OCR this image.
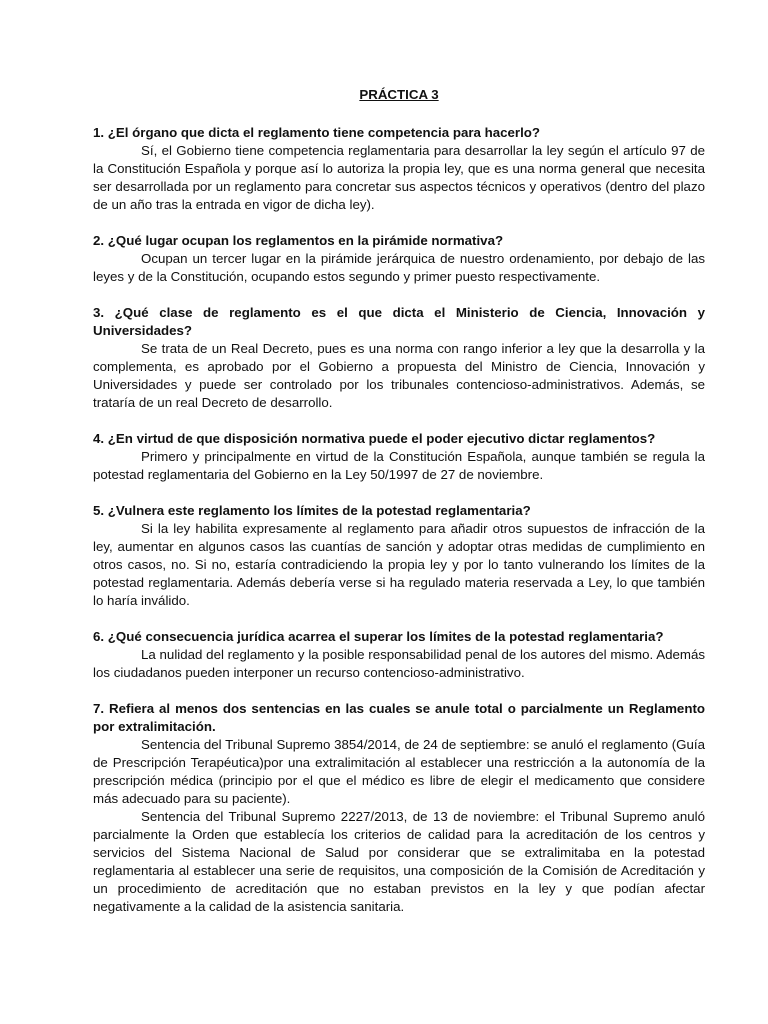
PRÁCTICA 3

1. ¿El órgano que dicta el reglamento tiene competencia para hacerlo?

Sí, el Gobierno tiene competencia reglamentaria para desarrollar la ley según el artículo 97 de la Constitución Española y porque así lo autoriza la propia ley, que es una norma general que necesita ser desarrollada por un reglamento para concretar sus aspectos técnicos y operativos (dentro del plazo de un año tras la entrada en vigor de dicha ley).

2. ¿Qué lugar ocupan los reglamentos en la pirámide normativa?

Ocupan un tercer lugar en la pirámide jerárquica de nuestro ordenamiento, por debajo de las leyes y de la Constitución, ocupando estos segundo y primer puesto respectivamente.

3. ¿Qué clase de reglamento es el que dicta el Ministerio de Ciencia, Innovación y Universidades?

Se trata de un Real Decreto, pues es una norma con rango inferior a ley que la desarrolla y la complementa, es aprobado por el Gobierno a propuesta del Ministro de Ciencia, Innovación y Universidades y puede ser controlado por los tribunales contencioso-administrativos. Además, se trataría de un real Decreto de desarrollo.

4. ¿En virtud de que disposición normativa puede el poder ejecutivo dictar reglamentos?

Primero y principalmente en virtud de la Constitución Española, aunque también se regula la potestad reglamentaria del Gobierno en la Ley 50/1997 de 27 de noviembre.

5. ¿Vulnera este reglamento los límites de la potestad reglamentaria?

Si la ley habilita expresamente al reglamento para añadir otros supuestos de infracción de la ley, aumentar en algunos casos las cuantías de sanción y adoptar otras medidas de cumplimiento en otros casos, no. Si no, estaría contradiciendo la propia ley y por lo tanto vulnerando los límites de la potestad reglamentaria. Además debería verse si ha regulado materia reservada a Ley, lo que también lo haría inválido.

6. ¿Qué consecuencia jurídica acarrea el superar los límites de la potestad reglamentaria?

La nulidad del reglamento y la posible responsabilidad penal de los autores del mismo. Además los ciudadanos pueden interponer un recurso contencioso-administrativo.

7. Refiera al menos dos sentencias en las cuales se anule total o parcialmente un Reglamento por extralimitación.

Sentencia del Tribunal Supremo 3854/2014, de 24 de septiembre: se anuló el reglamento (Guía de Prescripción Terapéutica)por una extralimitación al establecer una restricción a la autonomía de la prescripción médica (principio por el que el médico es libre de elegir el medicamento que considere más adecuado para su paciente).

Sentencia del Tribunal Supremo 2227/2013, de 13 de noviembre: el Tribunal Supremo anuló parcialmente la Orden que establecía los criterios de calidad para la acreditación de los centros y servicios del Sistema Nacional de Salud por considerar que se extralimitaba en la potestad reglamentaria al establecer una serie de requisitos, una composición de la Comisión de Acreditación y un procedimiento de acreditación que no estaban previstos en la ley y que podían afectar negativamente a la calidad de la asistencia sanitaria.
